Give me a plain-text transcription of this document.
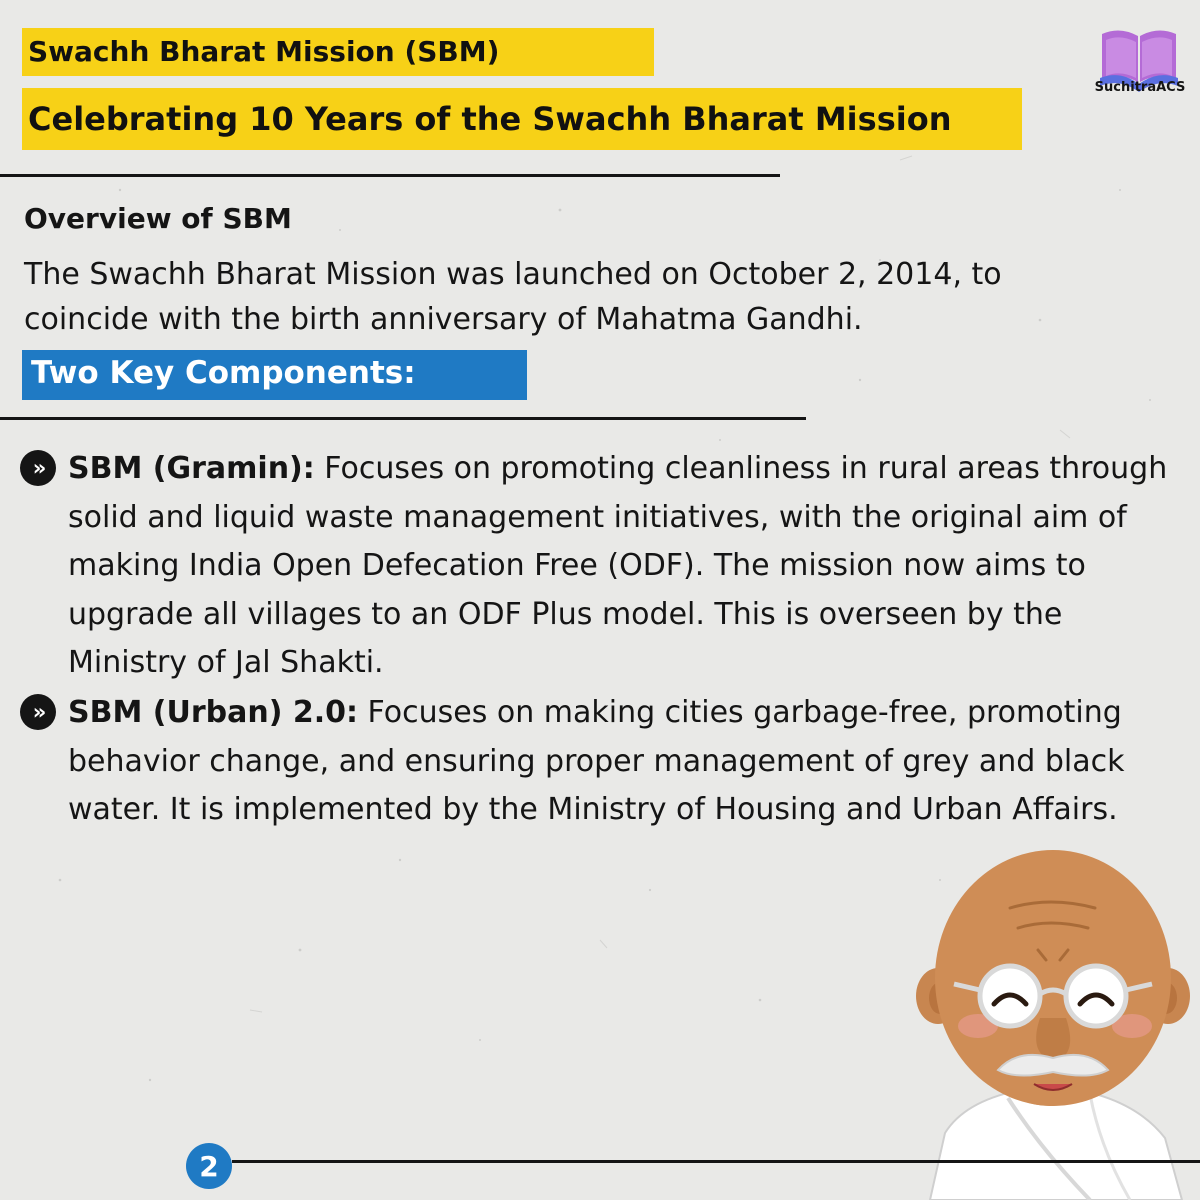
Swachh Bharat Mission (SBM)
Celebrating 10 Years of the Swachh Bharat Mission
SuchitraACS
Overview of SBM
The Swachh Bharat Mission was launched on October 2, 2014, to coincide with the birth anniversary of Mahatma Gandhi.
Two Key Components:
» SBM (Gramin): Focuses on promoting cleanliness in rural areas through solid and liquid waste management initiatives, with the original aim of making India Open Defecation Free (ODF). The mission now aims to upgrade all villages to an ODF Plus model. This is overseen by the Ministry of Jal Shakti.
» SBM (Urban) 2.0: Focuses on making cities garbage-free, promoting behavior change, and ensuring proper management of grey and black water. It is implemented by the Ministry of Housing and Urban Affairs.
2
